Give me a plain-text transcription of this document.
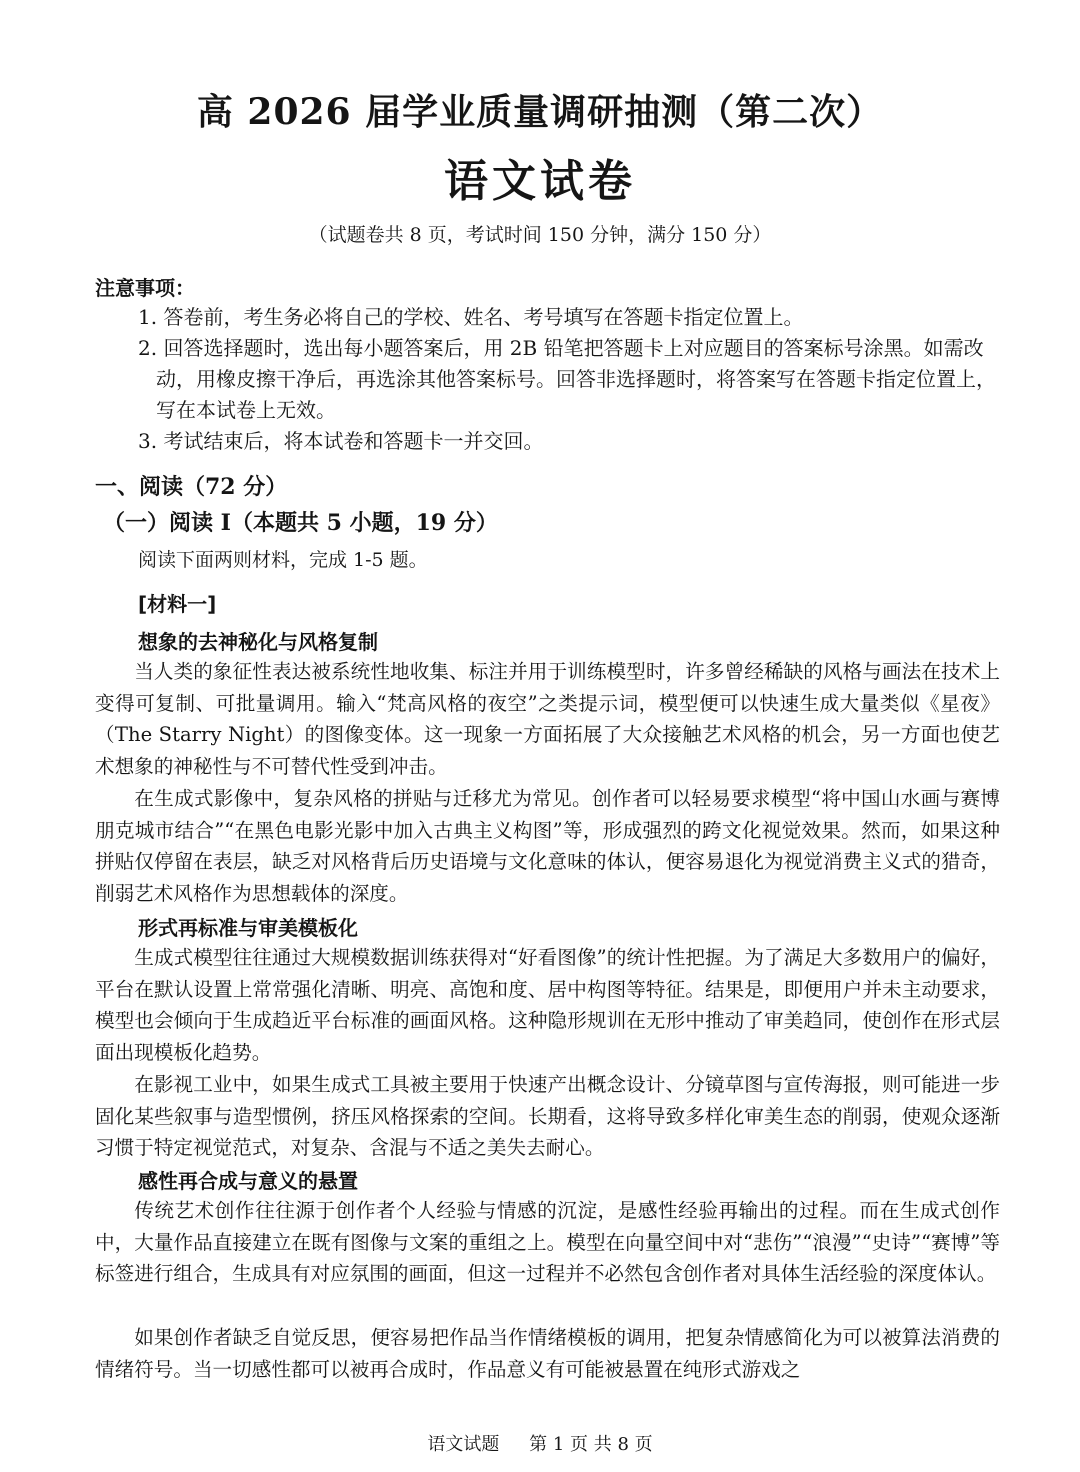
高 2026 届学业质量调研抽测（第二次）
语文试卷
（试题卷共 8 页，考试时间 150 分钟，满分 150 分）
注意事项：
1. 答卷前，考生务必将自己的学校、姓名、考号填写在答题卡指定位置上。
2. 回答选择题时，选出每小题答案后，用 2B 铅笔把答题卡上对应题目的答案标号涂黑。如需改动，用橡皮擦干净后，再选涂其他答案标号。回答非选择题时，将答案写在答题卡指定位置上，写在本试卷上无效。
3. 考试结束后，将本试卷和答题卡一并交回。
一、阅读（72 分）
（一）阅读 I（本题共 5 小题，19 分）
阅读下面两则材料，完成 1-5 题。
[材料一]
想象的去神秘化与风格复制

当人类的象征性表达被系统性地收集、标注并用于训练模型时，许多曾经稀缺的风格与画法在技术上变得可复制、可批量调用。输入“梵高风格的夜空”之类提示词，模型便可以快速生成大量类似《星夜》（The Starry Night）的图像变体。这一现象一方面拓展了大众接触艺术风格的机会，另一方面也使艺术想象的神秘性与不可替代性受到冲击。

在生成式影像中，复杂风格的拼贴与迁移尤为常见。创作者可以轻易要求模型“将中国山水画与赛博朋克城市结合”“在黑色电影光影中加入古典主义构图”等，形成强烈的跨文化视觉效果。然而，如果这种拼贴仅停留在表层，缺乏对风格背后历史语境与文化意味的体认，便容易退化为视觉消费主义式的猎奇，削弱艺术风格作为思想载体的深度。

形式再标准与审美模板化

生成式模型往往通过大规模数据训练获得对“好看图像”的统计性把握。为了满足大多数用户的偏好，平台在默认设置上常常强化清晰、明亮、高饱和度、居中构图等特征。结果是，即便用户并未主动要求，模型也会倾向于生成趋近平台标准的画面风格。这种隐形规训在无形中推动了审美趋同，使创作在形式层面出现模板化趋势。

在影视工业中，如果生成式工具被主要用于快速产出概念设计、分镜草图与宣传海报，则可能进一步固化某些叙事与造型惯例，挤压风格探索的空间。长期看，这将导致多样化审美生态的削弱，使观众逐渐习惯于特定视觉范式，对复杂、含混与不适之美失去耐心。

感性再合成与意义的悬置

传统艺术创作往往源于创作者个人经验与情感的沉淀，是感性经验再输出的过程。而在生成式创作中，大量作品直接建立在既有图像与文案的重组之上。模型在向量空间中对“悲伤”“浪漫”“史诗”“赛博”等标签进行组合，生成具有对应氛围的画面，但这一过程并不必然包含创作者对具体生活经验的深度体认。

如果创作者缺乏自觉反思，便容易把作品当作情绪模板的调用，把复杂情感简化为可以被算法消费的情绪符号。当一切感性都可以被再合成时，作品意义有可能被悬置在纯形式游戏之

语文试题 第 1 页 共 8 页
